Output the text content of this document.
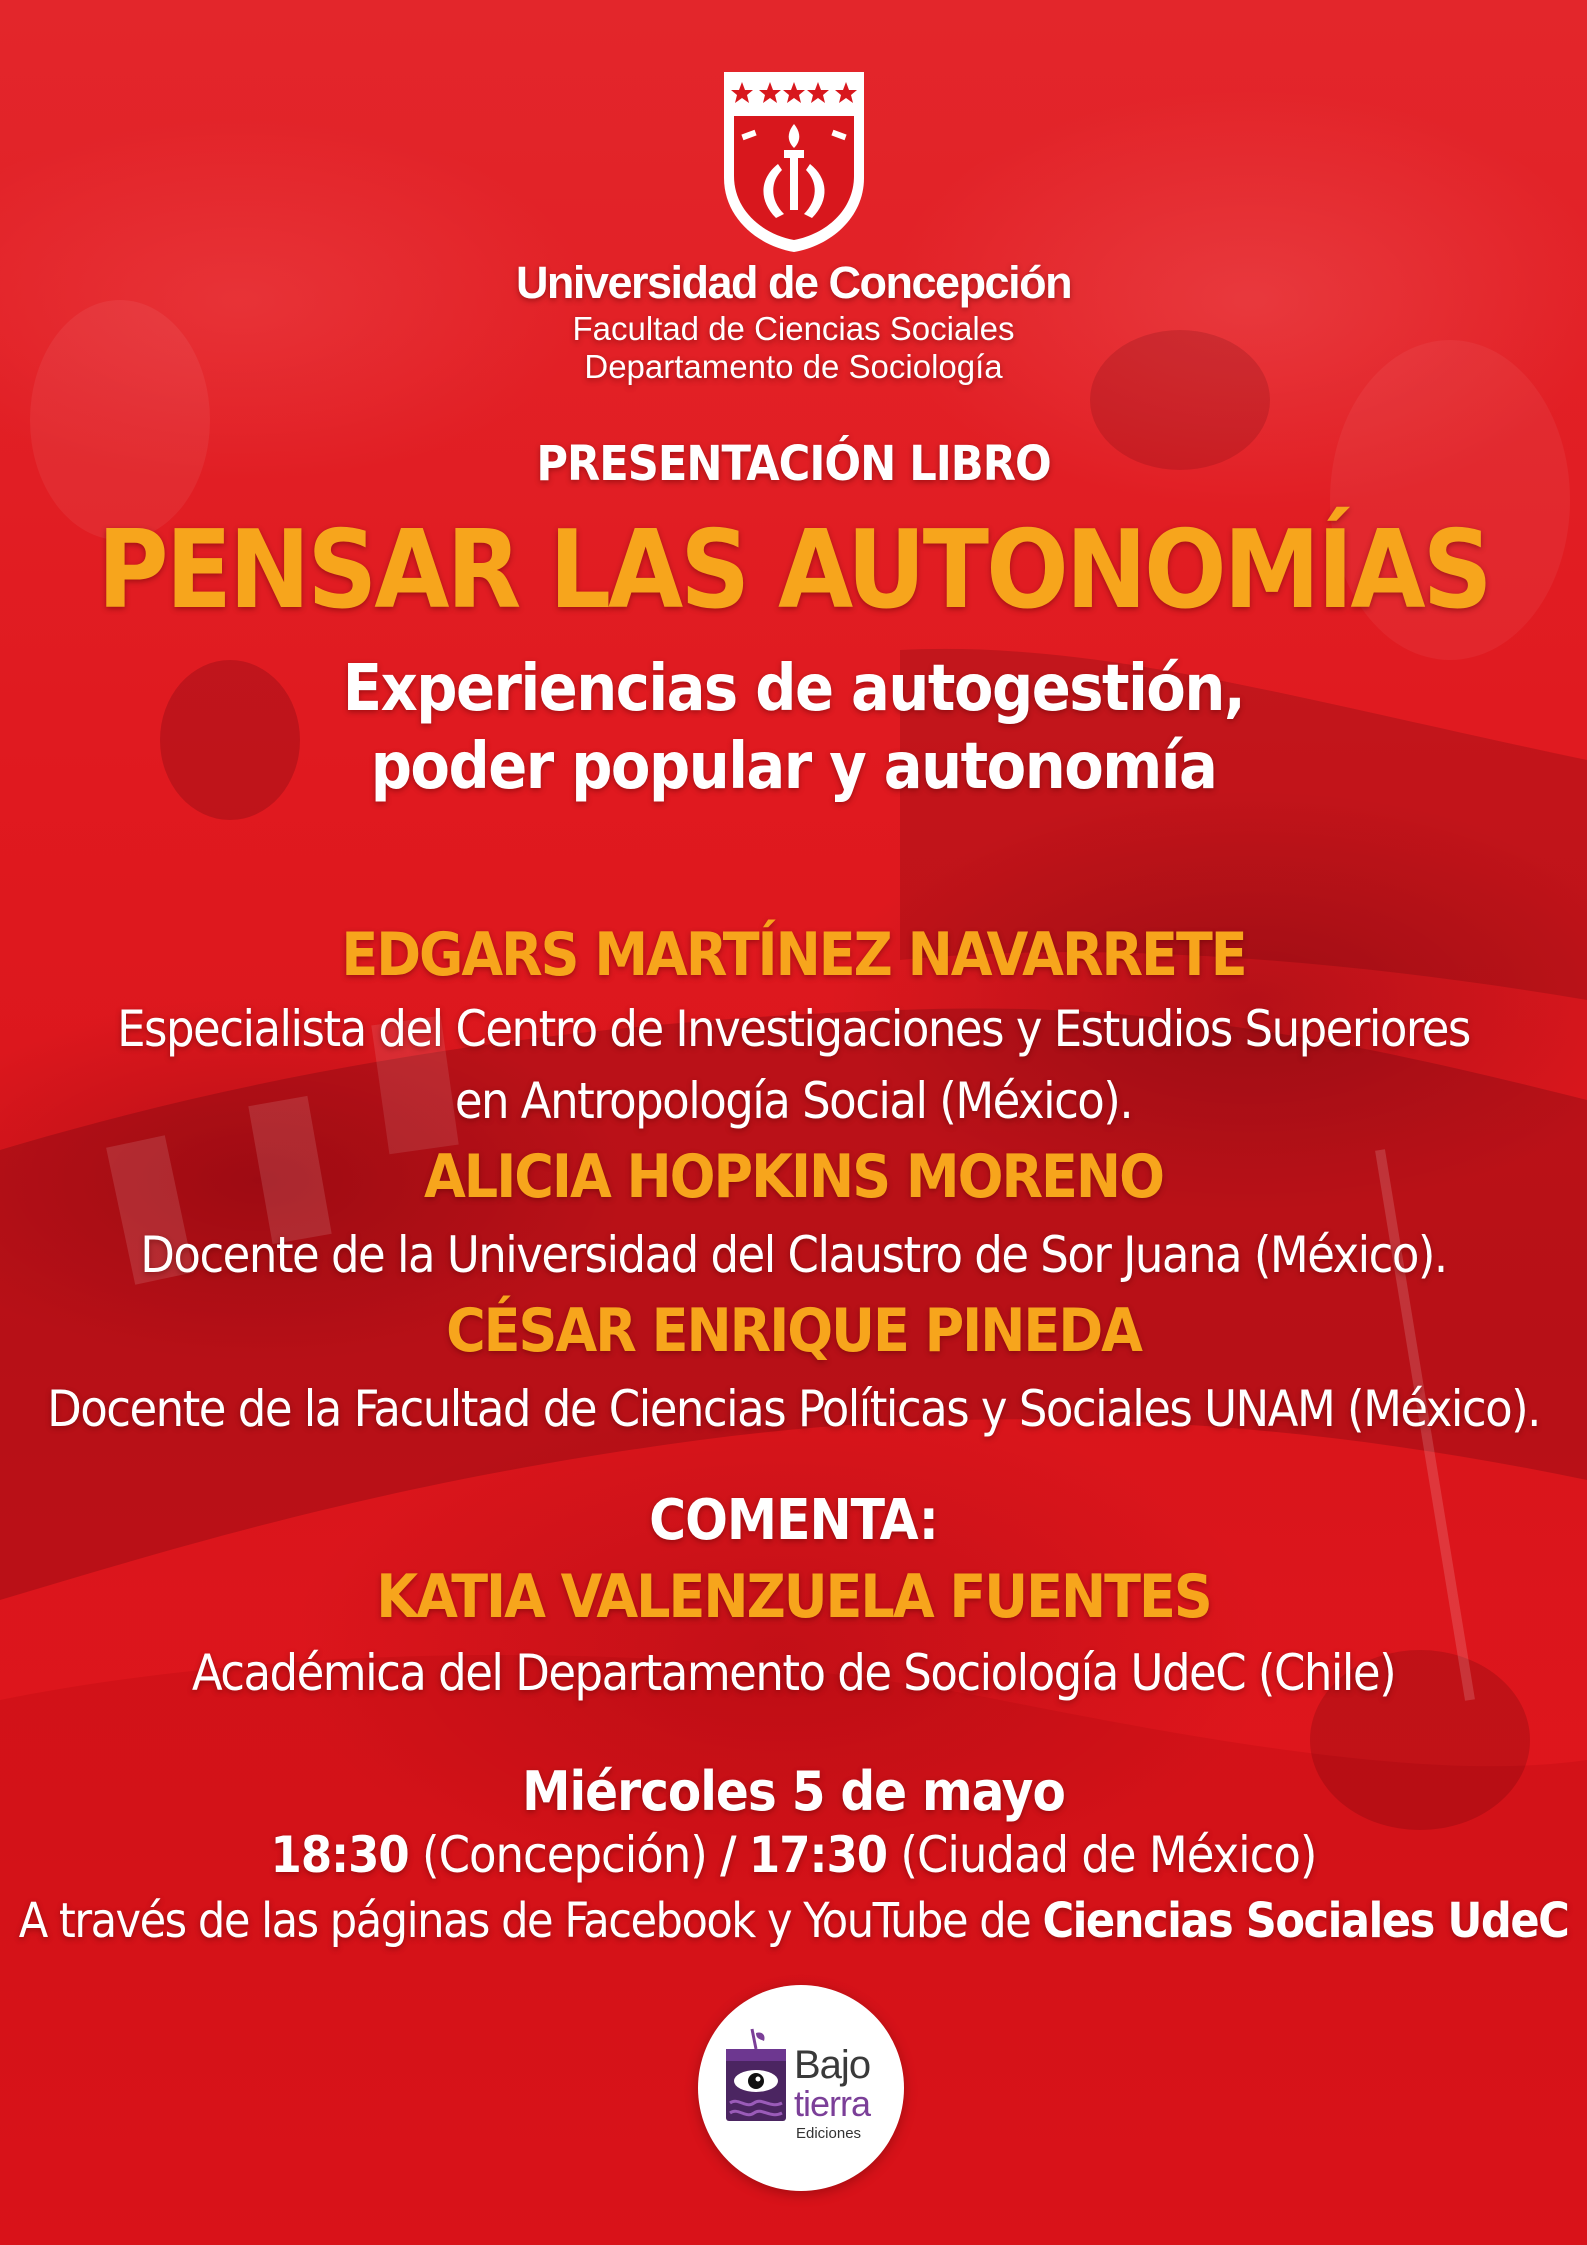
Universidad de Concepción
Facultad de Ciencias Sociales
Departamento de Sociología
PRESENTACIÓN LIBRO
PENSAR LAS AUTONOMÍAS
Experiencias de autogestión,
poder popular y autonomía
EDGARS MARTÍNEZ NAVARRETE
Especialista del Centro de Investigaciones y Estudios Superiores
en Antropología Social (México).
ALICIA HOPKINS MORENO
Docente de la Universidad del Claustro de Sor Juana (México).
CÉSAR ENRIQUE PINEDA
Docente de la Facultad de Ciencias Políticas y Sociales UNAM (México).
COMENTA:
KATIA VALENZUELA FUENTES
Académica del Departamento de Sociología UdeC (Chile)
Miércoles 5 de mayo
18:30 (Concepción) / 17:30 (Ciudad de México)
A través de las páginas de Facebook y YouTube de Ciencias Sociales UdeC
Bajo
tierra
Ediciones
